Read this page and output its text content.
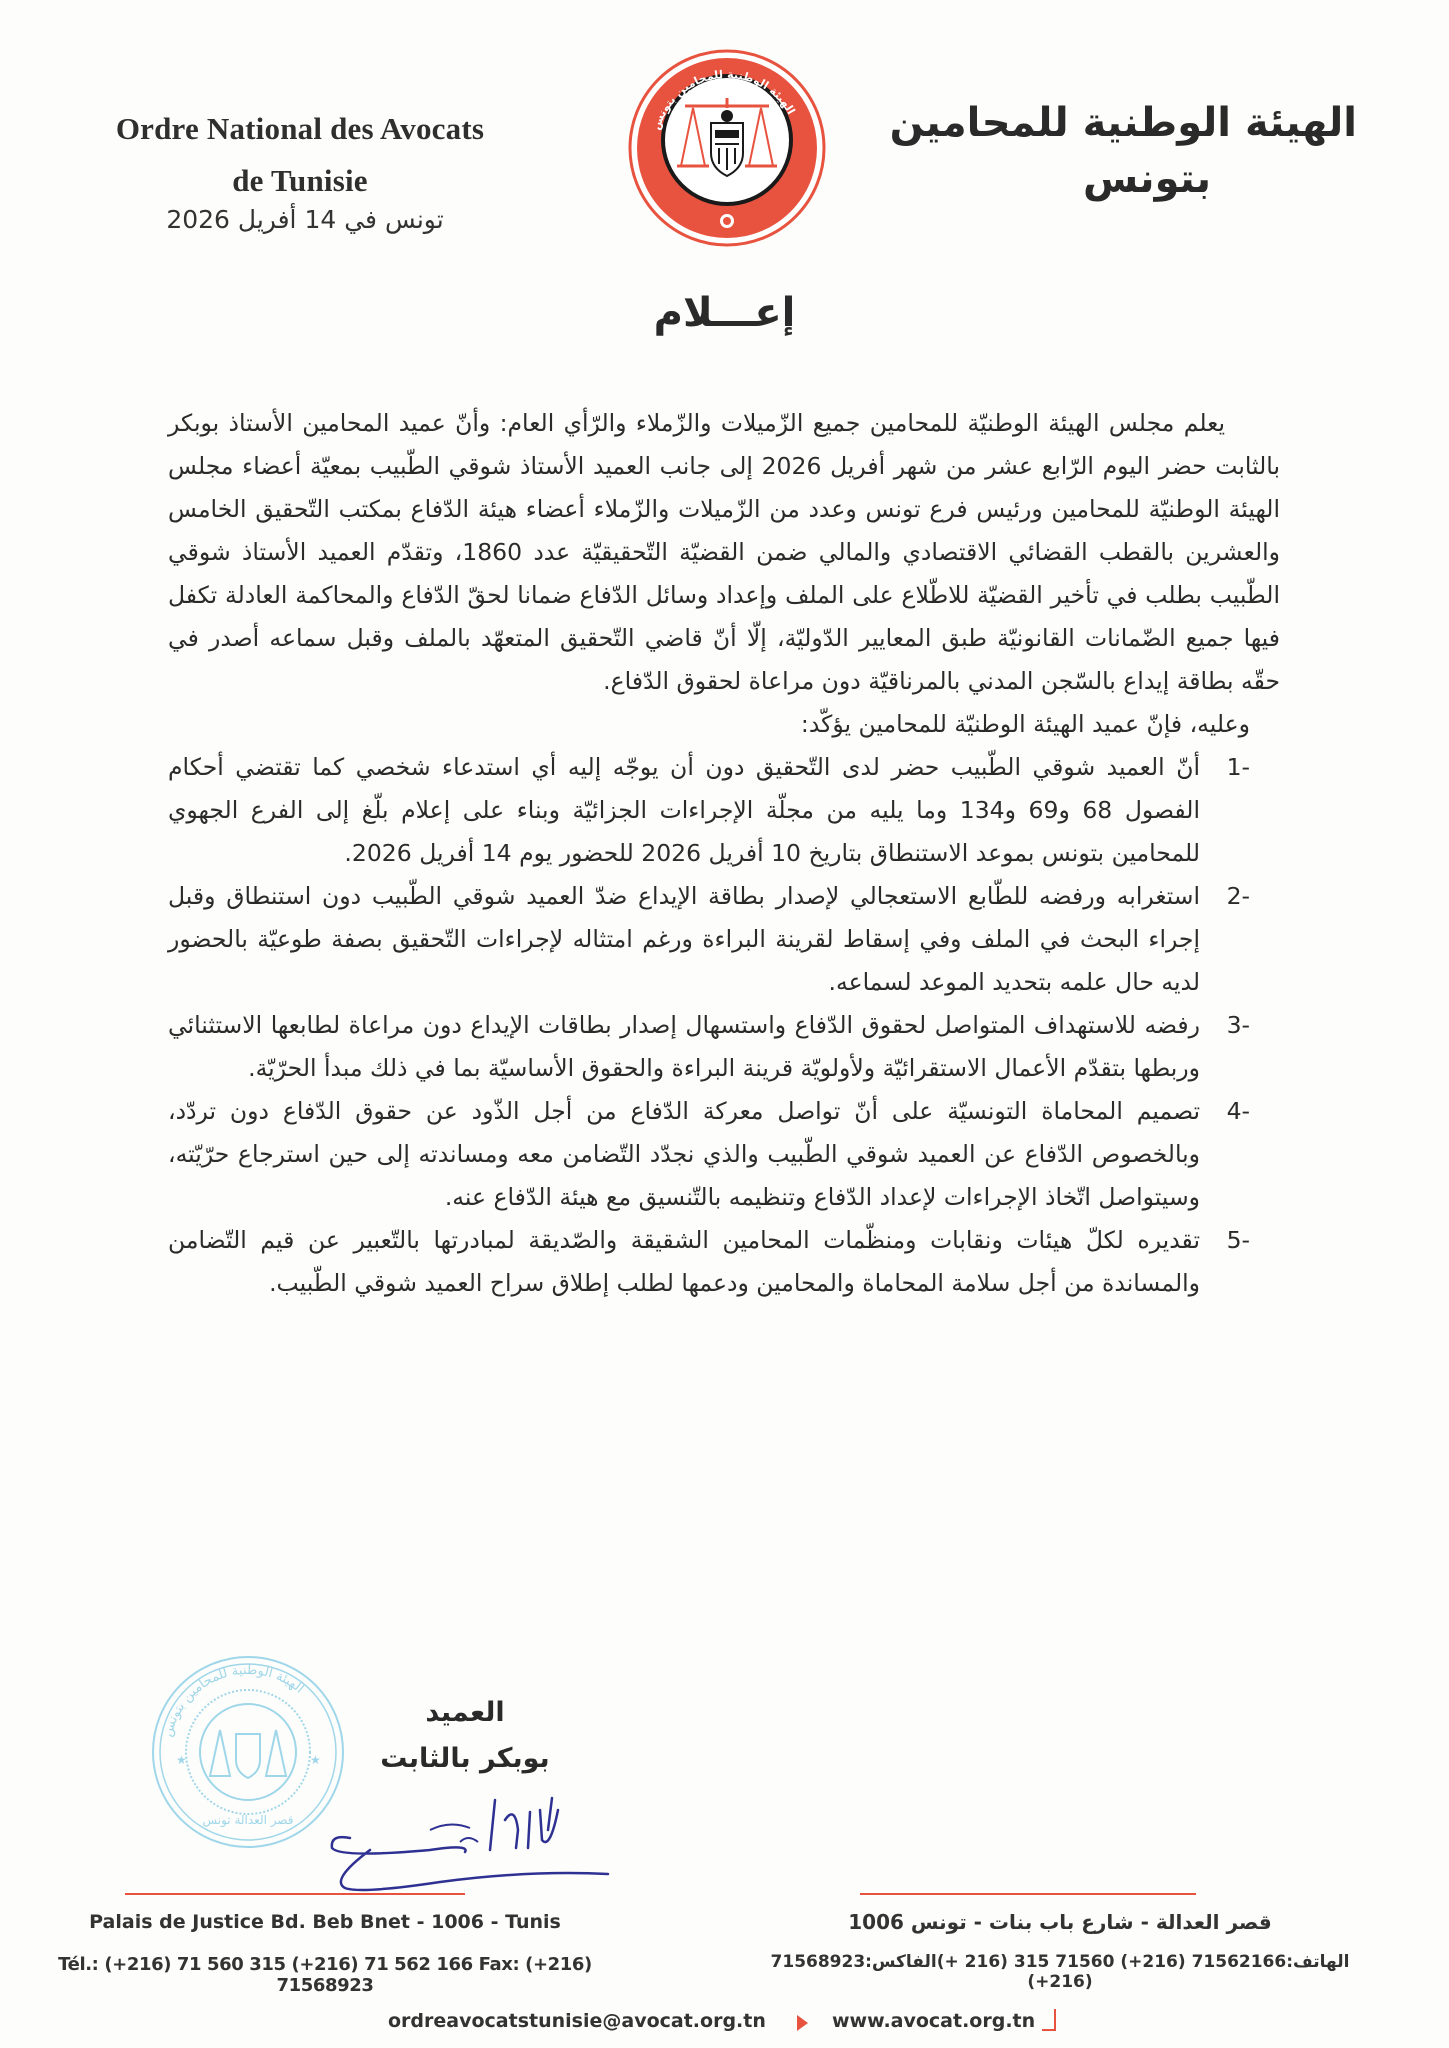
Ordre National des Avocats
de Tunisie
تونس في 14 أفريل 2026
الهيئة الوطنية للمحامين بتونس	الهيئة الوطنية للمحامين
بتونس
إعـــلام

يعلم مجلس الهيئة الوطنيّة للمحامين جميع الزّميلات والزّملاء والرّأي العام: وأنّ عميد المحامين الأستاذ بوبكر بالثابت حضر اليوم الرّابع عشر من شهر أفريل 2026 إلى جانب العميد الأستاذ شوقي الطّبيب بمعيّة أعضاء مجلس الهيئة الوطنيّة للمحامين ورئيس فرع تونس وعدد من الزّميلات والزّملاء أعضاء هيئة الدّفاع بمكتب التّحقيق الخامس والعشرين بالقطب القضائي الاقتصادي والمالي ضمن القضيّة التّحقيقيّة عدد 1860، وتقدّم العميد الأستاذ شوقي الطّبيب بطلب في تأخير القضيّة للاطّلاع على الملف وإعداد وسائل الدّفاع ضمانا لحقّ الدّفاع والمحاكمة العادلة تكفل فيها جميع الضّمانات القانونيّة طبق المعايير الدّوليّة، إلّا أنّ قاضي التّحقيق المتعهّد بالملف وقبل سماعه أصدر في حقّه بطاقة إيداع بالسّجن المدني بالمرناقيّة دون مراعاة لحقوق الدّفاع.

وعليه، فإنّ عميد الهيئة الوطنيّة للمحامين يؤكّد:

1-
أنّ العميد شوقي الطّبيب حضر لدى التّحقيق دون أن يوجّه إليه أي استدعاء شخصي كما تقتضي أحكام الفصول 68 و69 و134 وما يليه من مجلّة الإجراءات الجزائيّة وبناء على إعلام بلّغ إلى الفرع الجهوي للمحامين بتونس بموعد الاستنطاق بتاريخ 10 أفريل 2026 للحضور يوم 14 أفريل 2026.
2-
استغرابه ورفضه للطّابع الاستعجالي لإصدار بطاقة الإيداع ضدّ العميد شوقي الطّبيب دون استنطاق وقبل إجراء البحث في الملف وفي إسقاط لقرينة البراءة ورغم امتثاله لإجراءات التّحقيق بصفة طوعيّة بالحضور لديه حال علمه بتحديد الموعد لسماعه.
3-
رفضه للاستهداف المتواصل لحقوق الدّفاع واستسهال إصدار بطاقات الإيداع دون مراعاة لطابعها الاستثنائي وربطها بتقدّم الأعمال الاستقرائيّة ولأولويّة قرينة البراءة والحقوق الأساسيّة بما في ذلك مبدأ الحرّيّة.
4-
تصميم المحاماة التونسيّة على أنّ تواصل معركة الدّفاع من أجل الذّود عن حقوق الدّفاع دون تردّد، وبالخصوص الدّفاع عن العميد شوقي الطّبيب والذي نجدّد التّضامن معه ومساندته إلى حين استرجاع حرّيّته، وسيتواصل اتّخاذ الإجراءات لإعداد الدّفاع وتنظيمه بالتّنسيق مع هيئة الدّفاع عنه.
5-
تقديره لكلّ هيئات ونقابات ومنظّمات المحامين الشقيقة والصّديقة لمبادرتها بالتّعبير عن قيم التّضامن والمساندة من أجل سلامة المحاماة والمحامين ودعمها لطلب إطلاق سراح العميد شوقي الطّبيب.
الهيئة الوطنية للمحامين بتونس
قصر العدالة تونس
★	★
العميد
بوبكر بالثابت
Palais de Justice Bd. Beb Bnet - 1006 - Tunis
Tél.: (+216) 71 560 315 (+216) 71 562 166 Fax: (+216) 71568923
قصر العدالة - شارع باب بنات - تونس 1006
الهاتف:71562166 (216+) 71560 315 (216 +)الفاكس:71568923 (216+)
ordreavocatstunisie@avocat.org.tn	www.avocat.org.tn
